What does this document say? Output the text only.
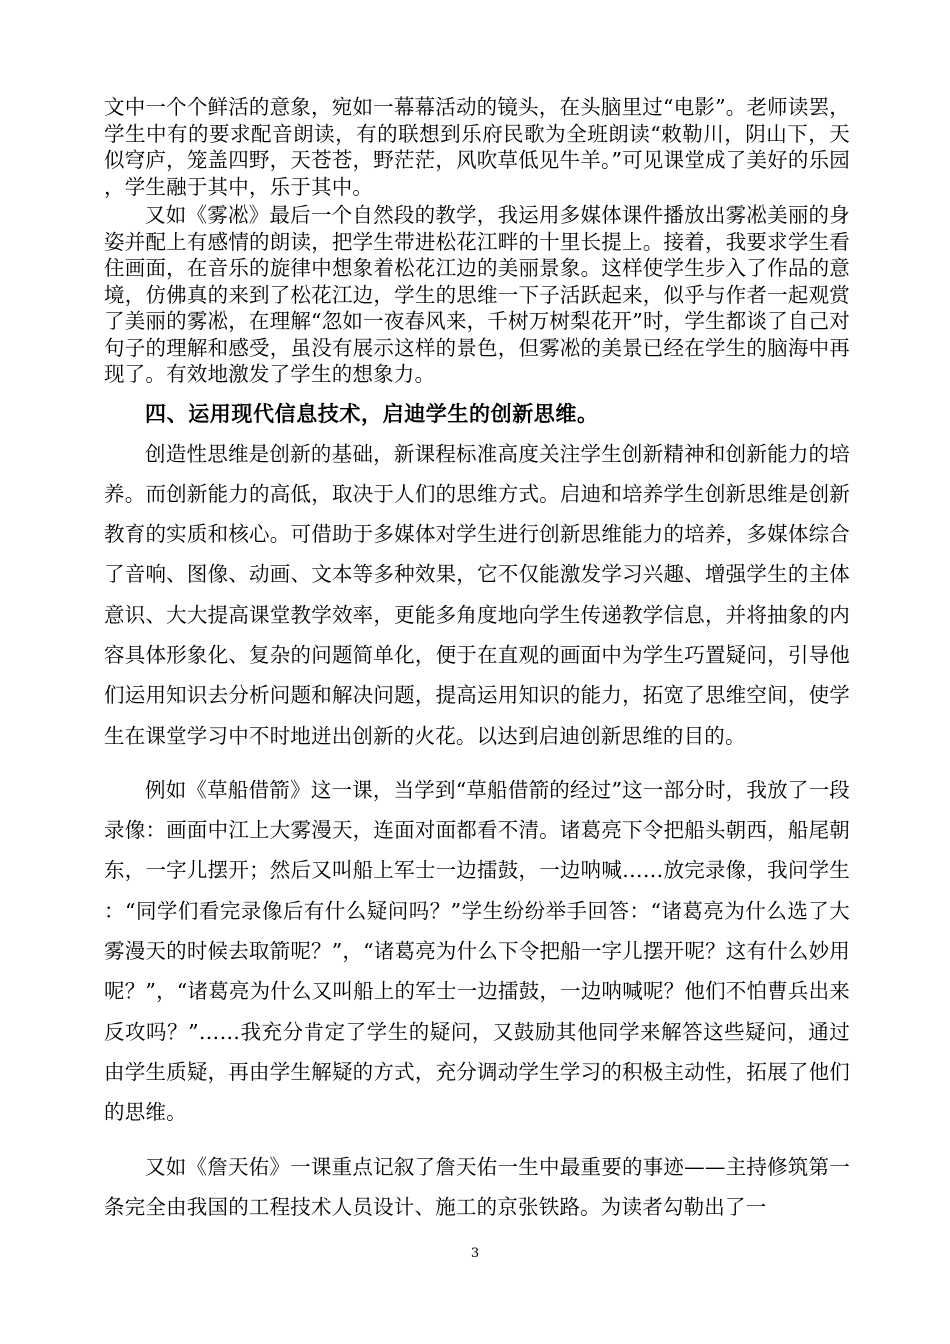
文中一个个鲜活的意象，宛如一幕幕活动的镜头，在头脑里过“电影”。老师读罢，学生中有的要求配音朗读，有的联想到乐府民歌为全班朗读“敕勒川，阴山下，天似穹庐，笼盖四野，天苍苍，野茫茫，风吹草低见牛羊。”可见课堂成了美好的乐园，学生融于其中，乐于其中。

又如《雾凇》最后一个自然段的教学，我运用多媒体课件播放出雾凇美丽的身姿并配上有感情的朗读，把学生带进松花江畔的十里长提上。接着，我要求学生看住画面，在音乐的旋律中想象着松花江边的美丽景象。这样使学生步入了作品的意境，仿佛真的来到了松花江边，学生的思维一下子活跃起来，似乎与作者一起观赏了美丽的雾凇，在理解“忽如一夜春风来，千树万树梨花开”时，学生都谈了自己对句子的理解和感受，虽没有展示这样的景色，但雾凇的美景已经在学生的脑海中再现了。有效地激发了学生的想象力。

四、运用现代信息技术，启迪学生的创新思维。

创造性思维是创新的基础，新课程标准高度关注学生创新精神和创新能力的培养。而创新能力的高低，取决于人们的思维方式。启迪和培养学生创新思维是创新教育的实质和核心。可借助于多媒体对学生进行创新思维能力的培养，多媒体综合了音响、图像、动画、文本等多种效果，它不仅能激发学习兴趣、增强学生的主体意识、大大提高课堂教学效率，更能多角度地向学生传递教学信息，并将抽象的内容具体形象化、复杂的问题简单化，便于在直观的画面中为学生巧置疑问，引导他们运用知识去分析问题和解决问题，提高运用知识的能力，拓宽了思维空间，使学生在课堂学习中不时地迸出创新的火花。以达到启迪创新思维的目的。

例如《草船借箭》这一课，当学到“草船借箭的经过”这一部分时，我放了一段录像：画面中江上大雾漫天，连面对面都看不清。诸葛亮下令把船头朝西，船尾朝东，一字儿摆开；然后又叫船上军士一边擂鼓，一边呐喊……放完录像，我问学生：“同学们看完录像后有什么疑问吗？”学生纷纷举手回答：“诸葛亮为什么选了大雾漫天的时候去取箭呢？”，“诸葛亮为什么下令把船一字儿摆开呢？这有什么妙用呢？”，“诸葛亮为什么又叫船上的军士一边擂鼓，一边呐喊呢？他们不怕曹兵出来反攻吗？”……我充分肯定了学生的疑问，又鼓励其他同学来解答这些疑问，通过由学生质疑，再由学生解疑的方式，充分调动学生学习的积极主动性，拓展了他们的思维。

又如《詹天佑》一课重点记叙了詹天佑一生中最重要的事迹——主持修筑第一条完全由我国的工程技术人员设计、施工的京张铁路。为读者勾勒出了一

3
